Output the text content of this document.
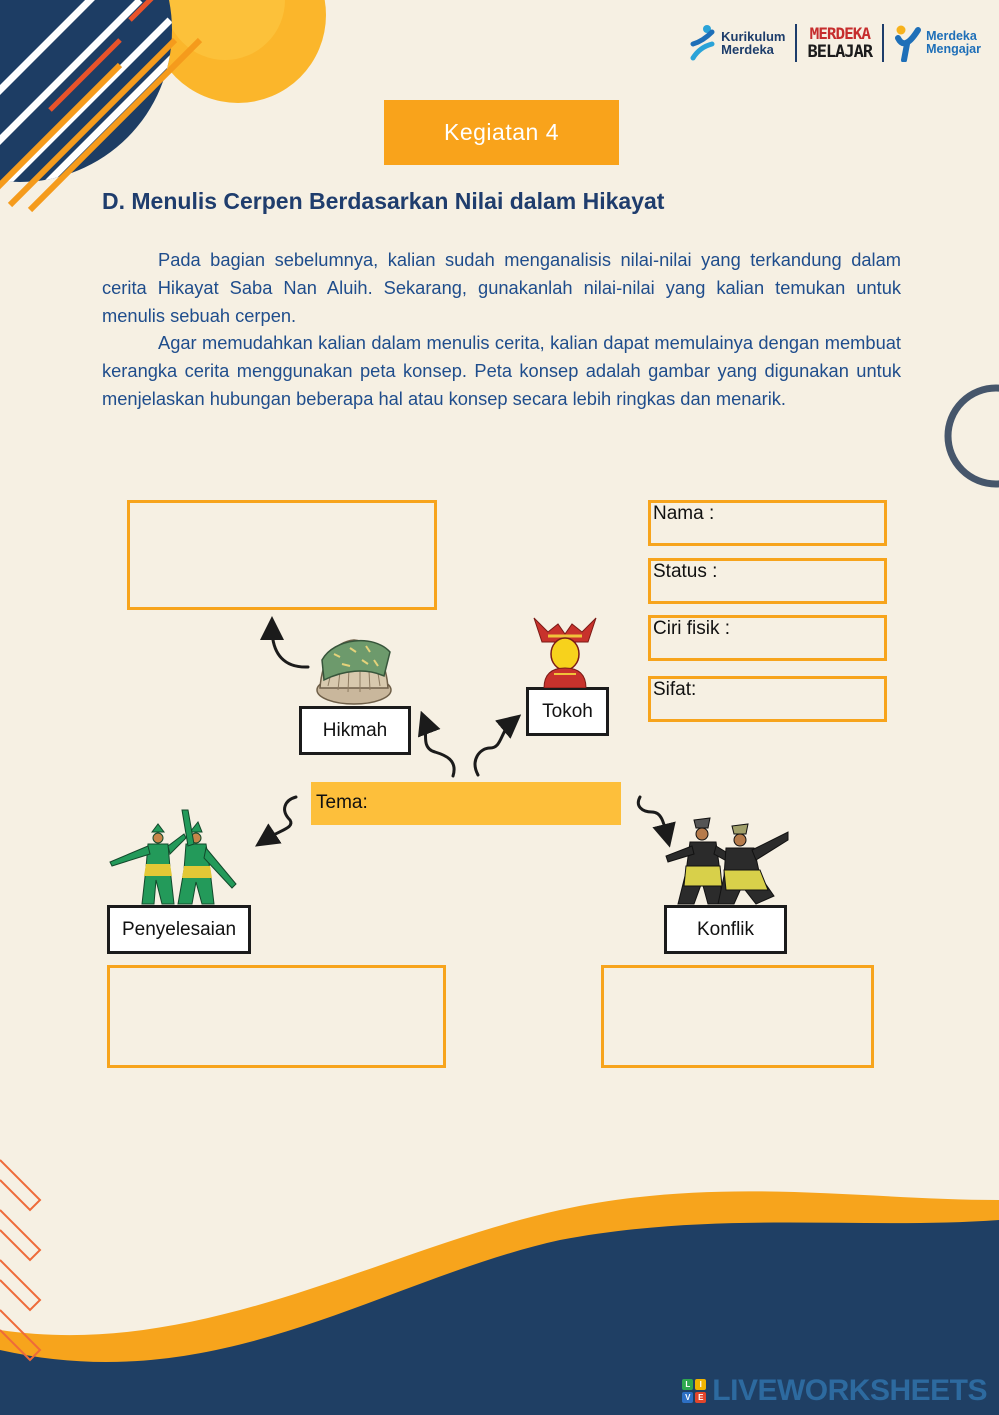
Kurikulum
Merdeka
MERDEKA
BELAJAR
Merdeka
Mengajar
Kegiatan 4
D. Menulis Cerpen Berdasarkan Nilai dalam Hikayat

Pada bagian sebelumnya, kalian sudah menganalisis nilai-nilai yang terkandung dalam cerita Hikayat Saba Nan Aluih. Sekarang, gunakanlah nilai-nilai yang kalian temukan untuk menulis sebuah cerpen.

Agar memudahkan kalian dalam menulis cerita, kalian dapat memulainya dengan membuat kerangka cerita menggunakan peta konsep. Peta konsep adalah gambar yang digunakan untuk menjelaskan hubungan beberapa hal atau konsep secara lebih ringkas dan menarik.

Nama :
Status :
Ciri fisik :
Sifat:
Tema:
Hikmah
Tokoh
Penyelesaian	Konflik
L	I
V E LIVEWORKSHEETS
